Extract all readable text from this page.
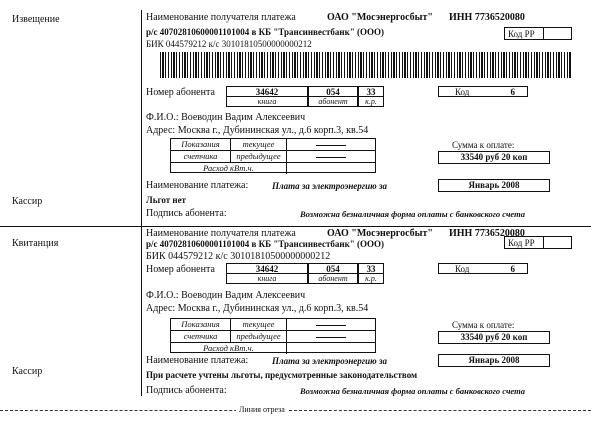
Извещение
Кассир
Квитанция
Кассир
Наименование получателя платежа	ОАО "Мосэнергосбыт" ИНН 7736520080
Код РР
р/с 40702810600001101004 в КБ "Трансинвестбанк" (ООО)
БИК 044579212 к/с 30101810500000000212
Номер абонента	34642	054	33
книга	абонент	к.р.
Код	6
Ф.И.О.: Воеводин Вадим Алексеевич
Адрес: Москва г., Дубининская ул., д.6 корп.3, кв.54
Показания	текущее
счетчика	предыдущее
Расход кВт.ч.
Сумма к оплате:
33540 руб 20 коп
Наименование платежа:	Плата за электроэнергию за	Январь 2008
Льгот нет
Подпись абонента:	Возможна безналичная форма оплаты с банковского счета
Наименование получателя платежа	ОАО "Мосэнергосбыт" ИНН 7736520080
Код РР
р/с 40702810600001101004 в КБ "Трансинвестбанк" (ООО)
БИК 044579212 к/с 30101810500000000212
Номер абонента	34642	054	33
книга	абонент	к.р.
Код	6
Ф.И.О.: Воеводин Вадим Алексеевич
Адрес: Москва г., Дубининская ул., д.6 корп.3, кв.54
Показания	текущее
счетчика	предыдущее
Расход кВт.ч.
Сумма к оплате:
33540 руб 20 коп
Наименование платежа:	Плата за электроэнергию за	Январь 2008
При расчете учтены льготы, предусмотренные законодательством
Подпись абонента:	Возможна безналичная форма оплаты с банковского счета
Линия отреза
